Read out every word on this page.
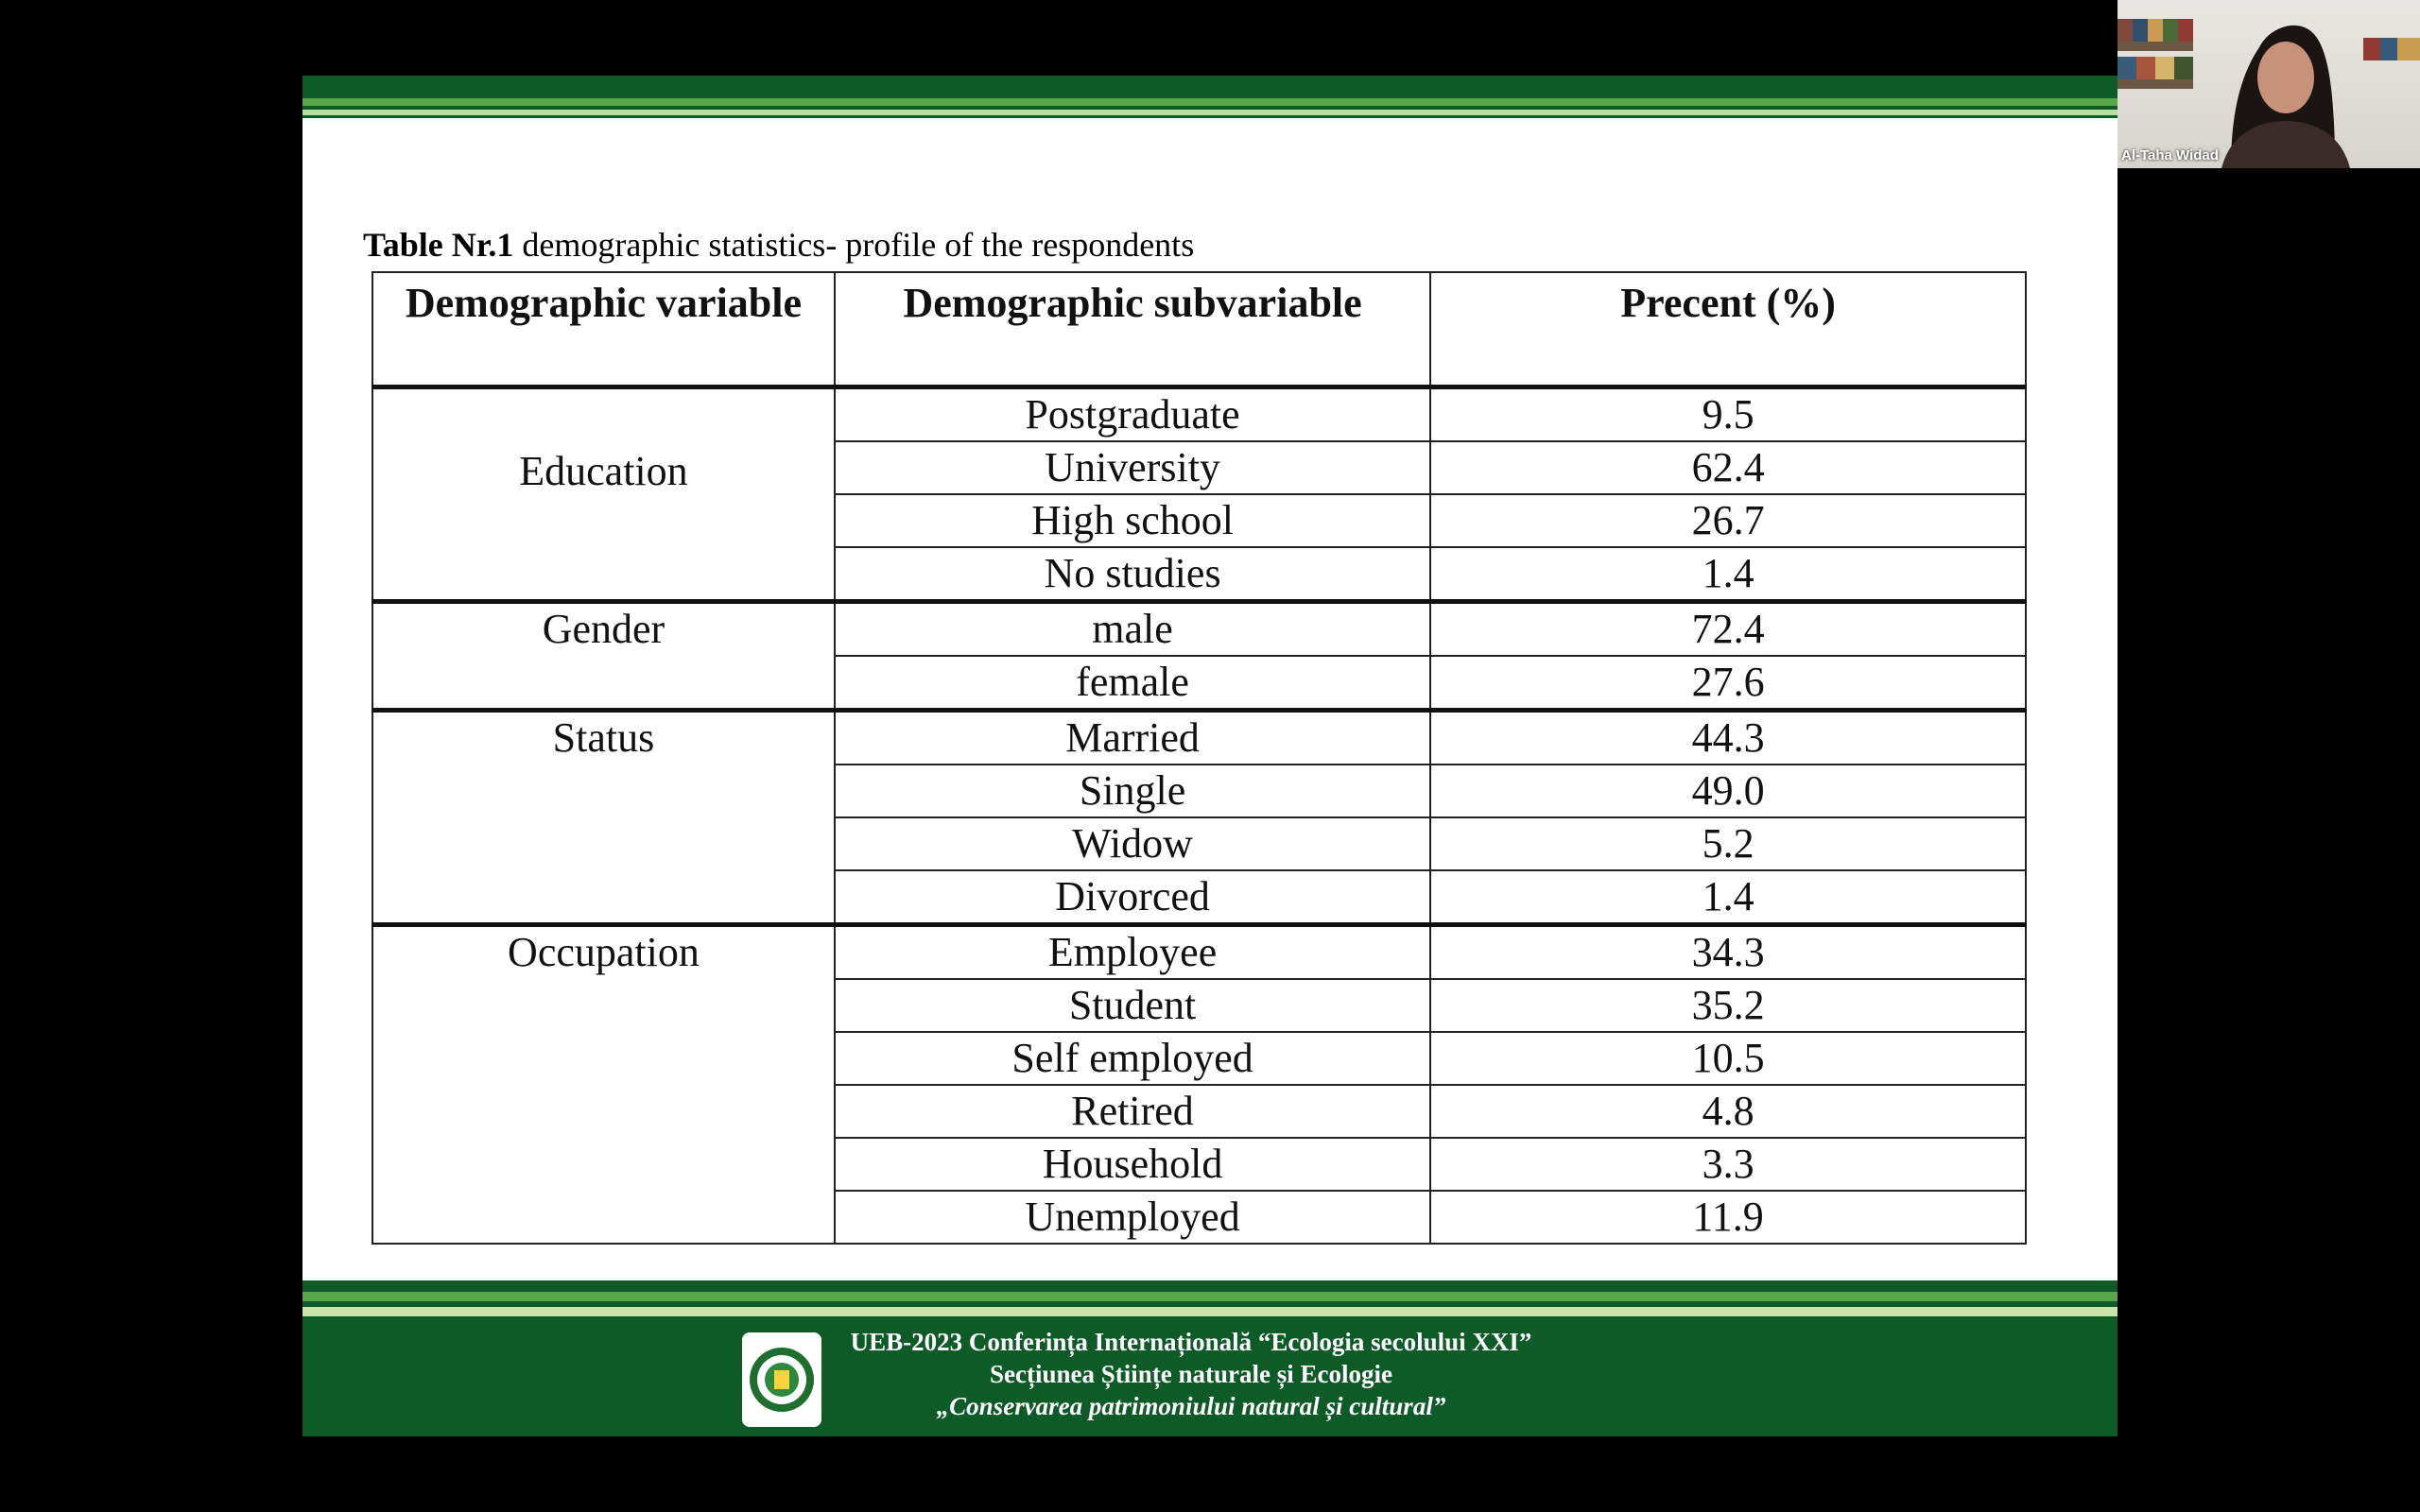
Table Nr.1 demographic statistics- profile of the respondents
Demographic variable	Demographic subvariable	Precent (%)
Education	Postgraduate	9.5
	University	62.4
	High school	26.7
	No studies	1.4
Gender	male	72.4
	female	27.6
Status	Married	44.3
	Single	49.0
	Widow	5.2
	Divorced	1.4
Occupation	Employee	34.3
	Student	35.2
	Self employed	10.5
	Retired	4.8
	Household	3.3
	Unemployed	11.9
UEB-2023 Conferința Internațională “Ecologia secolului XXI”
Secțiunea Științe naturale și Ecologie
„Conservarea patrimoniului natural și cultural”
Al-Taha Widad
